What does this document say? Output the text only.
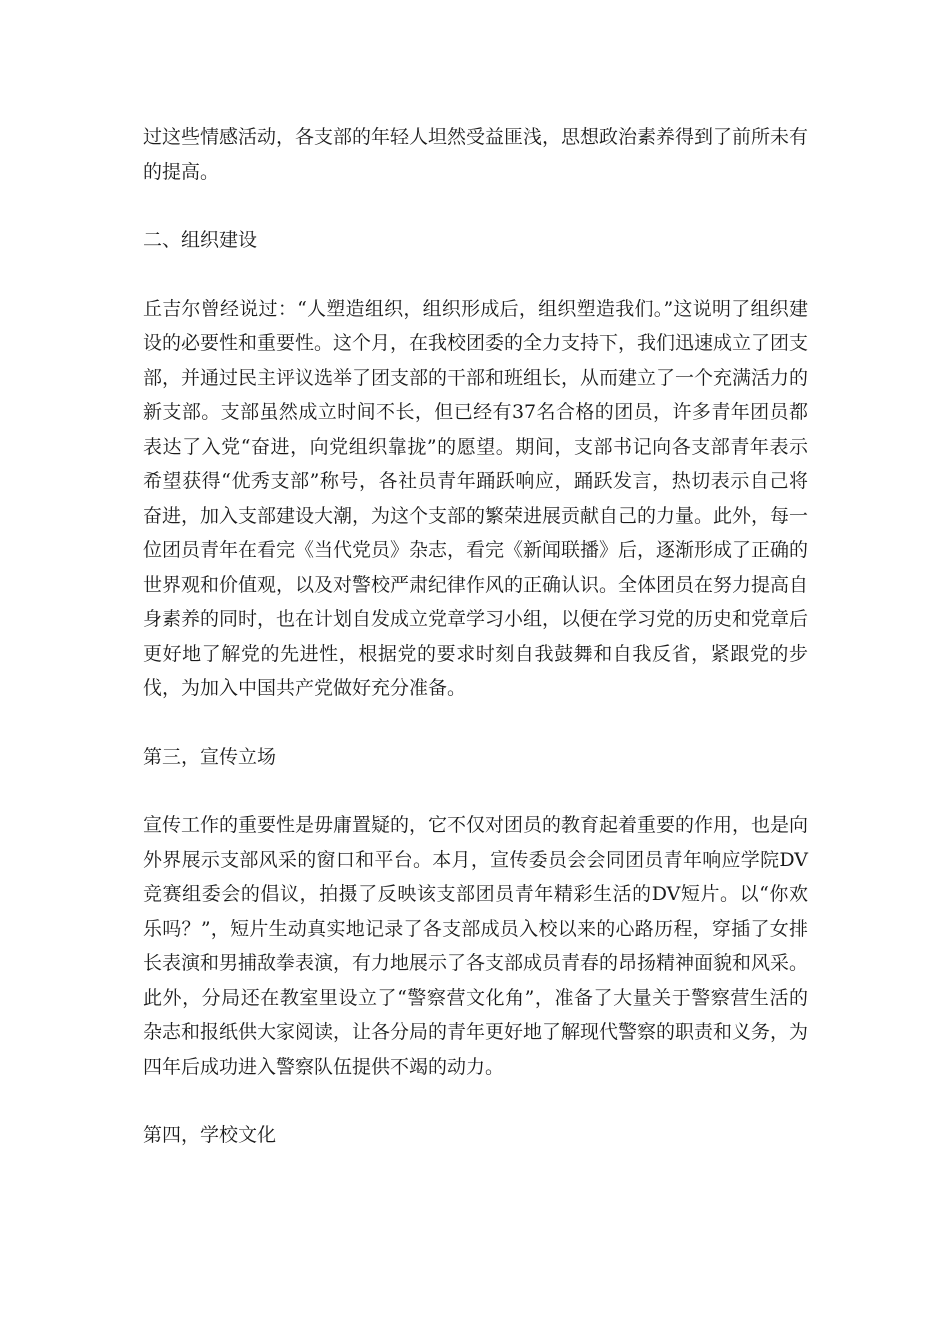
过这些情感活动，各支部的年轻人坦然受益匪浅，思想政治素养得到了前所未有的提高。

二、组织建设

丘吉尔曾经说过：“人塑造组织，组织形成后，组织塑造我们。”这说明了组织建设的必要性和重要性。这个月，在我校团委的全力支持下，我们迅速成立了团支部，并通过民主评议选举了团支部的干部和班组长，从而建立了一个充满活力的新支部。支部虽然成立时间不长，但已经有37名合格的团员，许多青年团员都表达了入党“奋进，向党组织靠拢”的愿望。期间，支部书记向各支部青年表示希望获得“优秀支部”称号，各社员青年踊跃响应，踊跃发言，热切表示自己将奋进，加入支部建设大潮，为这个支部的繁荣进展贡献自己的力量。此外，每一位团员青年在看完《当代党员》杂志，看完《新闻联播》后，逐渐形成了正确的世界观和价值观，以及对警校严肃纪律作风的正确认识。全体团员在努力提高自身素养的同时，也在计划自发成立党章学习小组，以便在学习党的历史和党章后更好地了解党的先进性，根据党的要求时刻自我鼓舞和自我反省，紧跟党的步伐，为加入中国共产党做好充分准备。

第三，宣传立场

宣传工作的重要性是毋庸置疑的，它不仅对团员的教育起着重要的作用，也是向外界展示支部风采的窗口和平台。本月，宣传委员会会同团员青年响应学院DV竞赛组委会的倡议，拍摄了反映该支部团员青年精彩生活的DV短片。以“你欢乐吗？”，短片生动真实地记录了各支部成员入校以来的心路历程，穿插了女排长表演和男捕敌拳表演，有力地展示了各支部成员青春的昂扬精神面貌和风采。此外，分局还在教室里设立了“警察营文化角”，准备了大量关于警察营生活的杂志和报纸供大家阅读，让各分局的青年更好地了解现代警察的职责和义务，为四年后成功进入警察队伍提供不竭的动力。

第四，学校文化
